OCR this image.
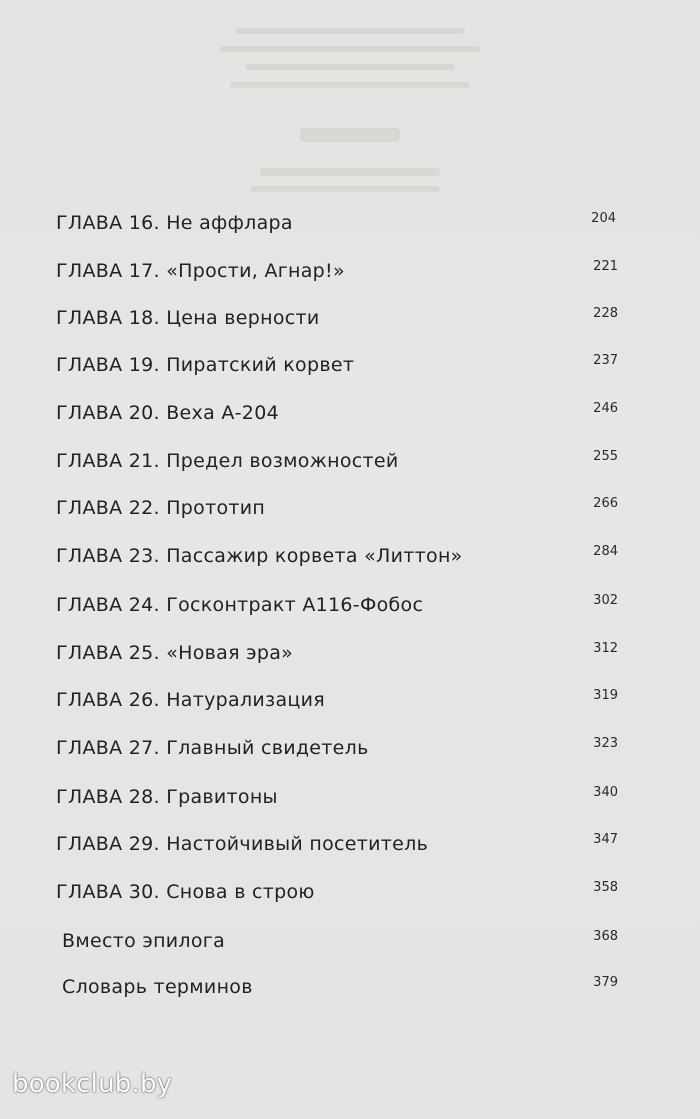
ГЛАВА 16. Не аффлара	204
ГЛАВА 17. «Прости, Агнар!»	221
ГЛАВА 18. Цена верности	228
ГЛАВА 19. Пиратский корвет	237
ГЛАВА 20. Веха А-204	246
ГЛАВА 21. Предел возможностей	255
ГЛАВА 22. Прототип	266
ГЛАВА 23. Пассажир корвета «Литтон»	284
ГЛАВА 24. Госконтракт А116-Фобос	302
ГЛАВА 25. «Новая эра»	312
ГЛАВА 26. Натурализация	319
ГЛАВА 27. Главный свидетель	323
ГЛАВА 28. Гравитоны	340
ГЛАВА 29. Настойчивый посетитель	347
ГЛАВА 30. Снова в строю	358
Вместо эпилога	368
Словарь терминов	379
bookclub.by
